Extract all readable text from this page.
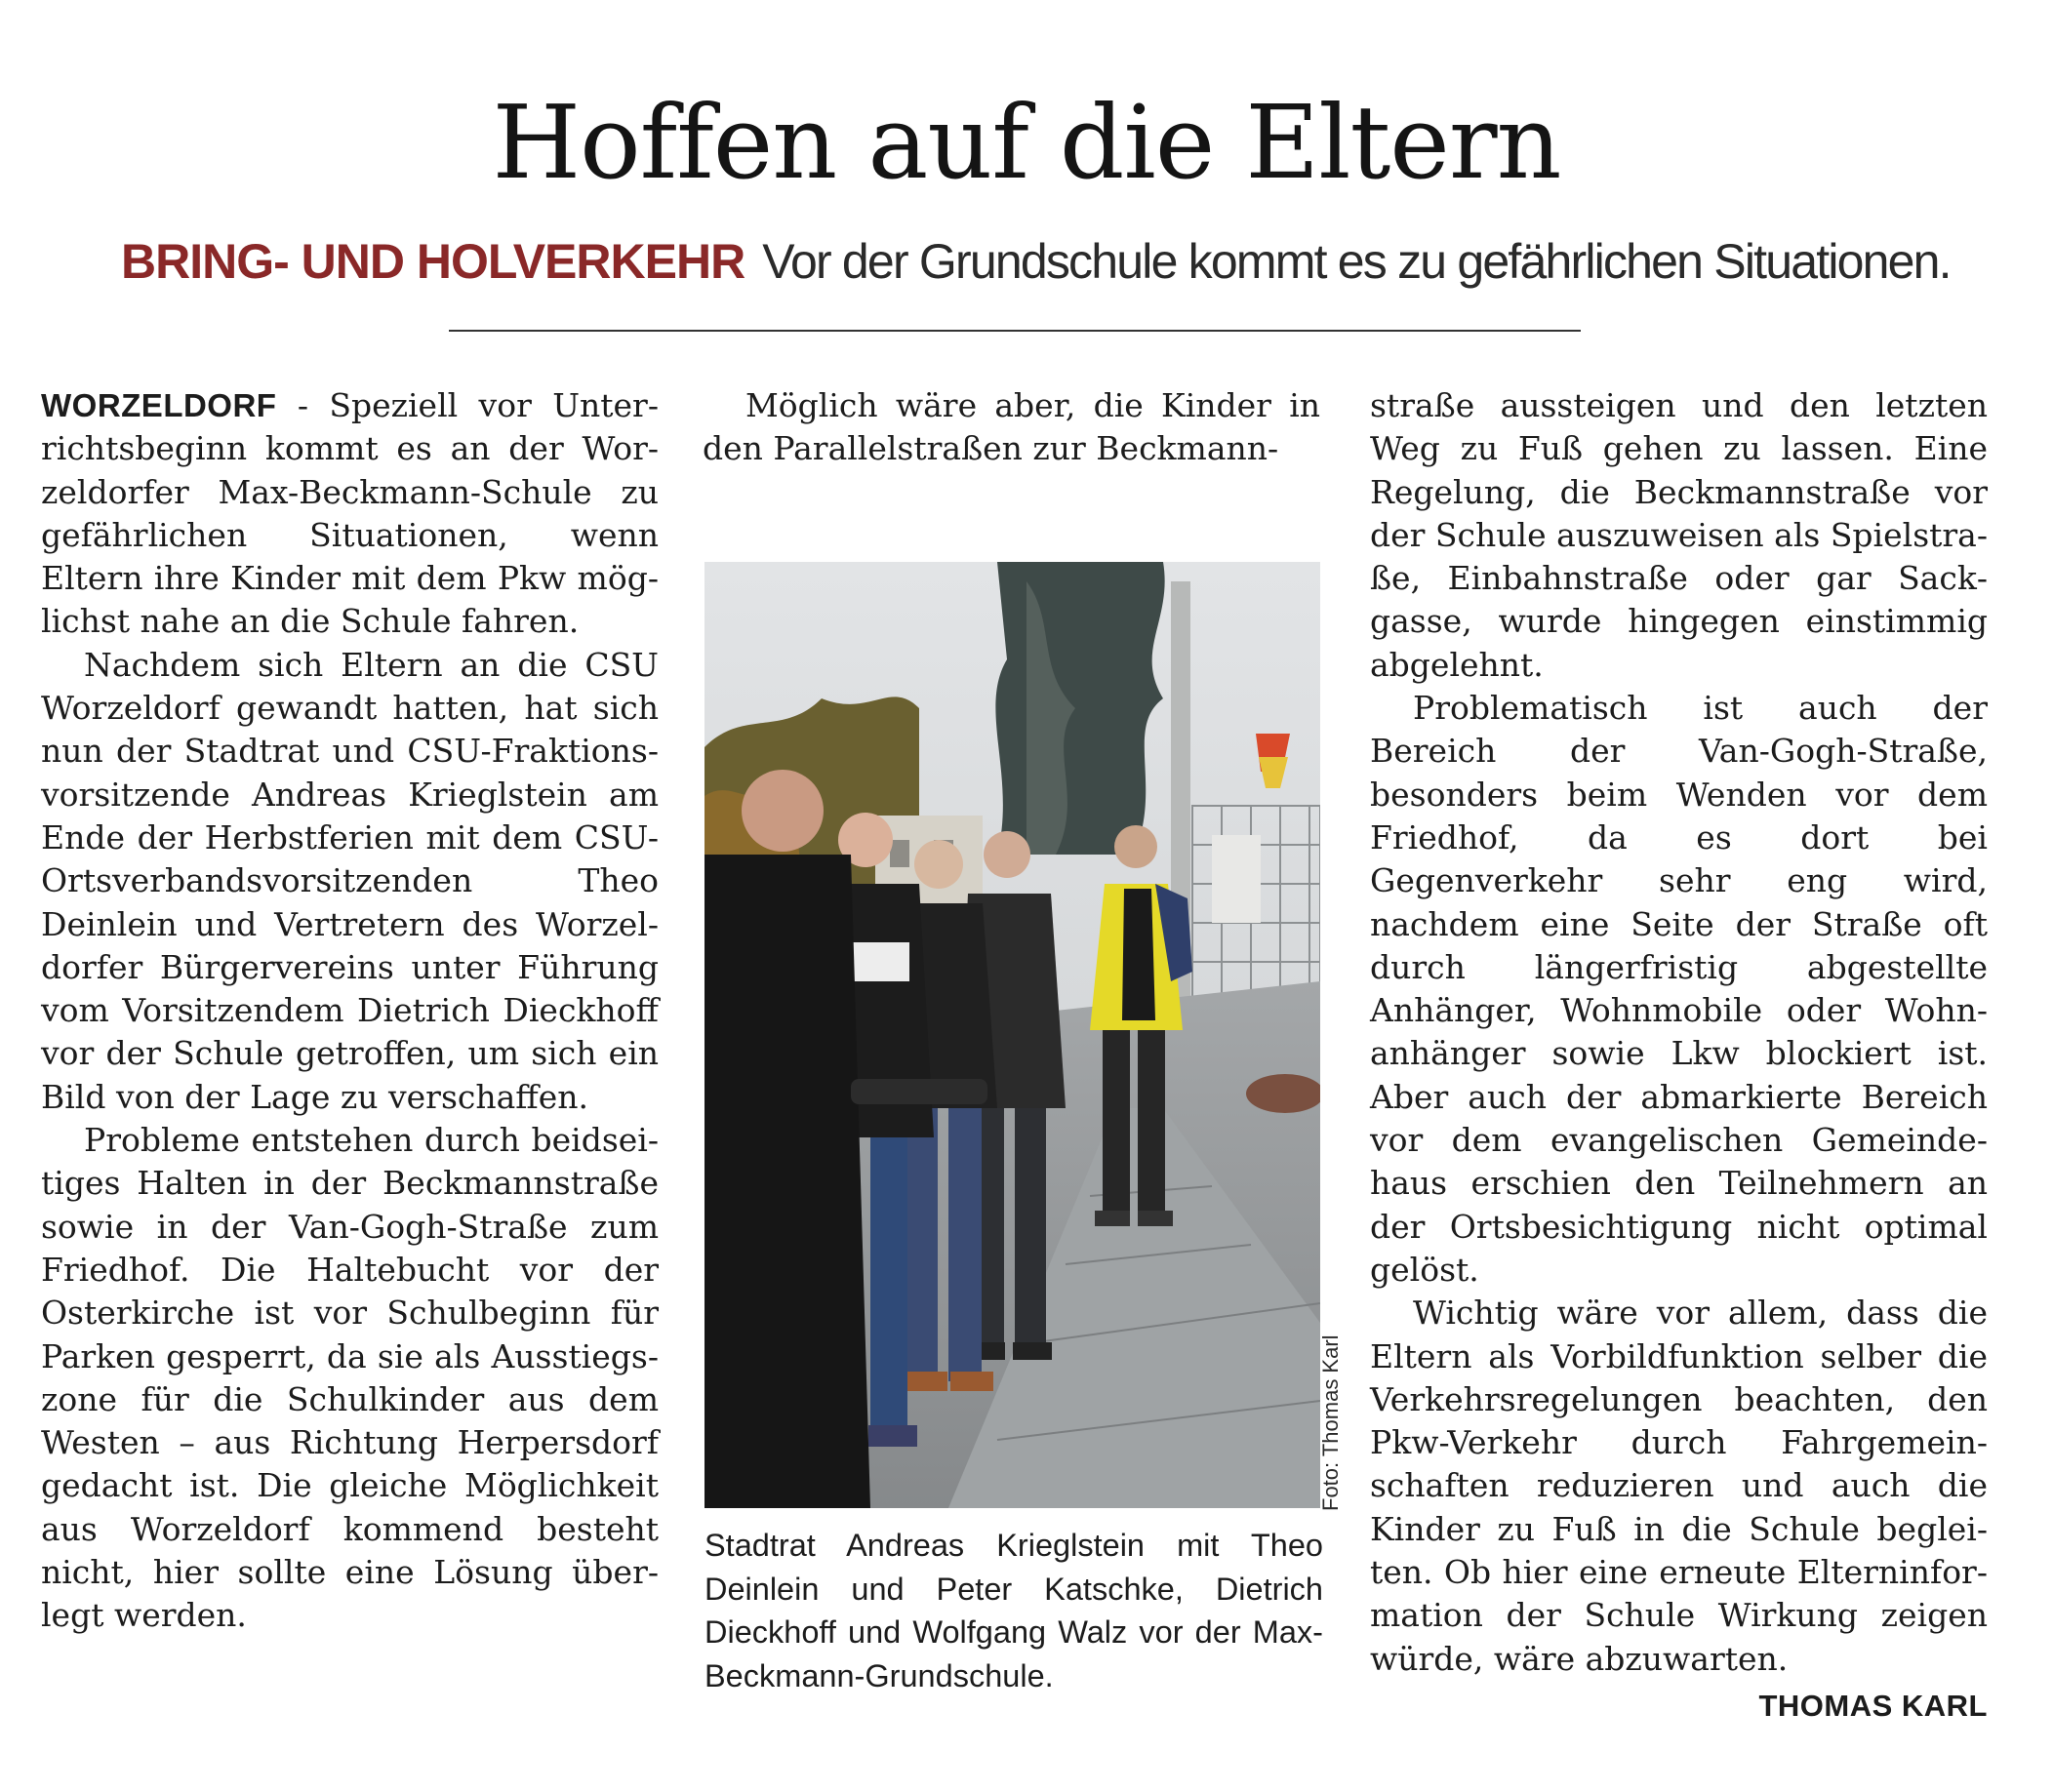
Hoffen auf die Eltern
BRING- UND HOLVERKEHR Vor der Grundschule kommt es zu gefährlichen Situationen.

WORZELDORF - Speziell vor Unterrichtsbeginn kommt es an der Worzeldorfer Max-Beckmann-Schule zu gefährlichen Situationen, wenn Eltern ihre Kinder mit dem Pkw möglichst nahe an die Schule fahren.

Nachdem sich Eltern an die CSU Worzeldorf gewandt hatten, hat sich nun der Stadtrat und CSU-Fraktionsvorsitzende Andreas Krieglstein am Ende der Herbstferien mit dem CSU-Ortsverbandsvorsitzenden Theo Deinlein und Vertretern des Worzeldorfer Bürgervereins unter Führung vom Vorsitzendem Dietrich Dieckhoff vor der Schule getroffen, um sich ein Bild von der Lage zu verschaffen.

Probleme entstehen durch beidseitiges Halten in der Beckmannstraße sowie in der Van-Gogh-Straße zum Friedhof. Die Haltebucht vor der Osterkirche ist vor Schulbeginn für Parken gesperrt, da sie als Ausstiegszone für die Schulkinder aus dem Westen – aus Richtung Herpersdorf gedacht ist. Die gleiche Möglichkeit aus Worzeldorf kommend besteht nicht, hier sollte eine Lösung überlegt werden.

Möglich wäre aber, die Kinder in den Parallelstraßen zur Beckmann-

Foto: Thomas Karl
Stadtrat Andreas Krieglstein mit Theo Deinlein und Peter Katschke, Dietrich Dieckhoff und Wolfgang Walz vor der Max-Beckmann-Grundschule.

straße aussteigen und den letzten Weg zu Fuß gehen zu lassen. Eine Regelung, die Beckmannstraße vor der Schule auszuweisen als Spielstraße, Einbahnstraße oder gar Sackgasse, wurde hingegen einstimmig abgelehnt.

Problematisch ist auch der Bereich der Van-Gogh-Straße, besonders beim Wenden vor dem Friedhof, da es dort bei Gegenverkehr sehr eng wird, nachdem eine Seite der Straße oft durch längerfristig abgestellte Anhänger, Wohnmobile oder Wohnanhänger sowie Lkw blockiert ist. Aber auch der abmarkierte Bereich vor dem evangelischen Gemeindehaus erschien den Teilnehmern an der Ortsbesichtigung nicht optimal gelöst.

Wichtig wäre vor allem, dass die Eltern als Vorbildfunktion selber die Verkehrsregelungen beachten, den Pkw-Verkehr durch Fahrgemeinschaften reduzieren und auch die Kinder zu Fuß in die Schule begleiten. Ob hier eine erneute Elterninformation der Schule Wirkung zeigen würde, wäre abzuwarten.

THOMAS KARL
